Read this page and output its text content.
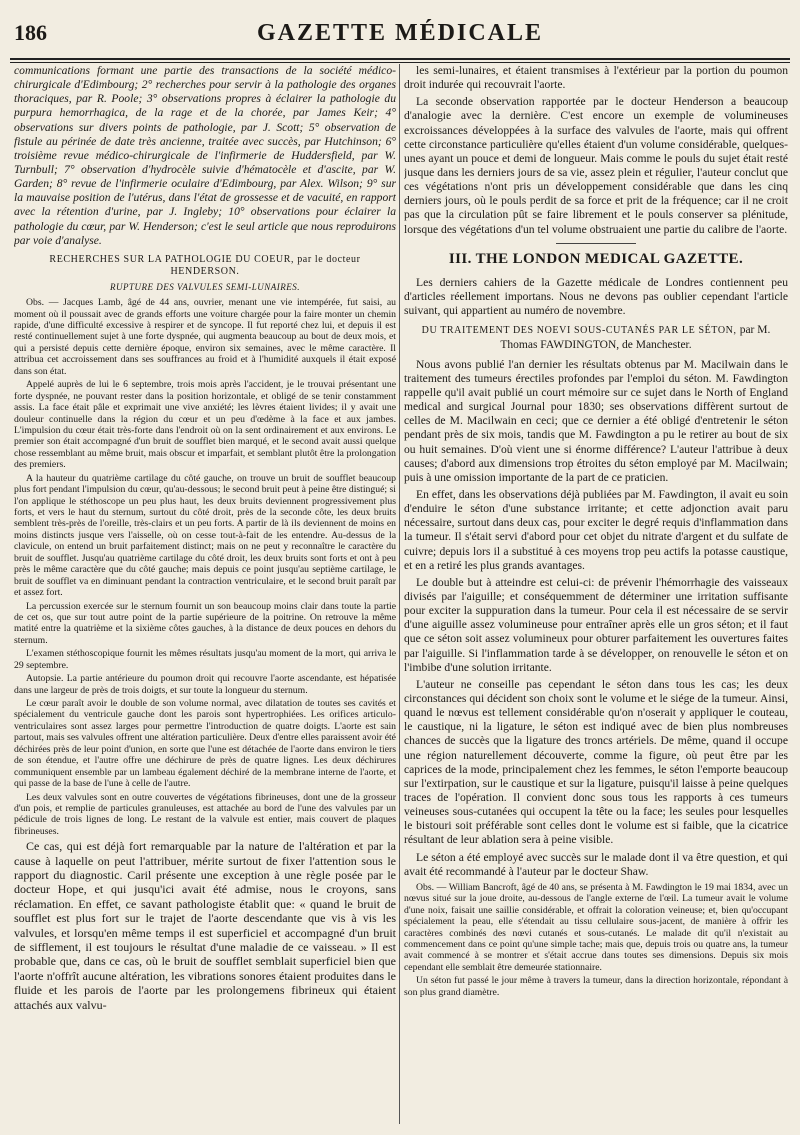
186	GAZETTE MÉDICALE

communications formant une partie des transactions de la société médico-chirurgicale d'Edimbourg; 2° recherches pour servir à la pathologie des organes thoraciques, par R. Poole; 3° observations propres à éclairer la pathologie du purpura hemorrhagica, de la rage et de la chorée, par James Keir; 4° observations sur divers points de pathologie, par J. Scott; 5° observation de fistule au périnée de date très ancienne, traitée avec succès, par Hutchinson; 6° troisième revue médico-chirurgicale de l'infirmerie de Huddersfield, par W. Turnbull; 7° observation d'hydrocèle suivie d'hématocèle et d'ascite, par W. Garden; 8° revue de l'infirmerie oculaire d'Edimbourg, par Alex. Wilson; 9° sur la mauvaise position de l'utérus, dans l'état de grossesse et de vacuité, en rapport avec la rétention d'urine, par J. Ingleby; 10° observations pour éclairer la pathologie du cœur, par W. Henderson; c'est le seul article que nous reproduirons par voie d'analyse.

RECHERCHES SUR LA PATHOLOGIE DU COEUR, par le docteur HENDERSON.
RUPTURE DES VALVULES SEMI-LUNAIRES.

Obs. — Jacques Lamb, âgé de 44 ans, ouvrier, menant une vie intempérée, fut saisi, au moment où il poussait avec de grands efforts une voiture chargée pour la faire monter un chemin rapide, d'une difficulté excessive à respirer et de syncope. Il fut reporté chez lui, et depuis il est resté continuellement sujet à une forte dyspnée, qui augmenta beaucoup au bout de deux mois, et qui a persisté depuis cette dernière époque, environ six semaines, avec le même caractère. Il attribua cet accroissement dans ses souffrances au froid et à l'humidité auxquels il était exposé dans son état.

Appelé auprès de lui le 6 septembre, trois mois après l'accident, je le trouvai présentant une forte dyspnée, ne pouvant rester dans la position horizontale, et obligé de se tenir constamment assis. La face était pâle et exprimait une vive anxiété; les lèvres étaient livides; il y avait une douleur continuelle dans la région du cœur et un peu d'œdème à la face et aux jambes. L'impulsion du cœur était très-forte dans l'endroit où on la sent ordinairement et aux environs. Le premier son était accompagné d'un bruit de soufflet bien marqué, et le second avait aussi quelque chose ressemblant au même bruit, mais obscur et imparfait, et semblant plutôt être la prolongation des premiers.

A la hauteur du quatrième cartilage du côté gauche, on trouve un bruit de soufflet beaucoup plus fort pendant l'impulsion du cœur, qu'au-dessous; le second bruit peut à peine être distingué; si l'on applique le stéthoscope un peu plus haut, les deux bruits deviennent progressivement plus forts, et vers le haut du sternum, surtout du côté droit, près de la seconde côte, les deux bruits semblent très-près de l'oreille, très-clairs et un peu forts. A partir de là ils deviennent de moins en moins distincts jusque vers l'aisselle, où on cesse tout-à-fait de les entendre. Au-dessus de la clavicule, on entend un bruit parfaitement distinct; mais on ne peut y reconnaître le caractère du bruit de soufflet. Jusqu'au quatrième cartilage du côté droit, les deux bruits sont forts et ont à peu près le même caractère que du côté gauche; mais depuis ce point jusqu'au septième cartilage, le bruit de soufflet va en diminuant pendant la contraction ventriculaire, et le second bruit paraît par et assez fort.

La percussion exercée sur le sternum fournit un son beaucoup moins clair dans toute la partie de cet os, que sur tout autre point de la partie supérieure de la poitrine. On retrouve la même matité entre la quatrième et la sixième côtes gauches, à la distance de deux pouces en dehors du sternum.

L'examen stéthoscopique fournit les mêmes résultats jusqu'au moment de la mort, qui arriva le 29 septembre.

Autopsie. La partie antérieure du poumon droit qui recouvre l'aorte ascendante, est hépatisée dans une largeur de près de trois doigts, et sur toute la longueur du sternum.

Le cœur paraît avoir le double de son volume normal, avec dilatation de toutes ses cavités et spécialement du ventricule gauche dont les parois sont hypertrophiées. Les orifices articulo-ventriculaires sont assez larges pour permettre l'introduction de quatre doigts. L'aorte est sain partout, mais ses valvules offrent une altération particulière. Deux d'entre elles paraissent avoir été déchirées près de leur point d'union, en sorte que l'une est détachée de l'aorte dans environ le tiers de son étendue, et l'autre offre une déchirure de près de quatre lignes. Les deux déchirures communiquent ensemble par un lambeau également déchiré de la membrane interne de l'aorte, et qui passe de la base de l'une à celle de l'autre.

Les deux valvules sont en outre couvertes de végétations fibrineuses, dont une de la grosseur d'un pois, et remplie de particules granuleuses, est attachée au bord de l'une des valvules par un pédicule de trois lignes de long. Le restant de la valvule est entier, mais couvert de plaques fibrineuses.

Ce cas, qui est déjà fort remarquable par la nature de l'altération et par la cause à laquelle on peut l'attribuer, mérite surtout de fixer l'attention sous le rapport du diagnostic. Caril présente une exception à une règle posée par le docteur Hope, et qui jusqu'ici avait été admise, nous le croyons, sans réclamation. En effet, ce savant pathologiste établit que: « quand le bruit de soufflet est plus fort sur le trajet de l'aorte descendante que vis à vis les valvules, et lorsqu'en même temps il est superficiel et accompagné d'un bruit de sifflement, il est toujours le résultat d'une maladie de ce vaisseau. » Il est probable que, dans ce cas, où le bruit de soufflet semblait superficiel bien que l'aorte n'offrît aucune altération, les vibrations sonores étaient produites dans le fluide et les parois de l'aorte par les prolongemens fibrineux qui étaient attachés aux valvu-

les semi-lunaires, et étaient transmises à l'extérieur par la portion du poumon droit indurée qui recouvrait l'aorte.

La seconde observation rapportée par le docteur Henderson a beaucoup d'analogie avec la dernière. C'est encore un exemple de volumineuses excroissances développées à la surface des valvules de l'aorte, mais qui offrent cette circonstance particulière qu'elles étaient d'un volume considérable, quelques-unes ayant un pouce et demi de longueur. Mais comme le pouls du sujet était resté jusque dans les derniers jours de sa vie, assez plein et régulier, l'auteur conclut que ces végétations n'ont pris un développement considérable que dans les cinq derniers jours, où le pouls perdit de sa force et prit de la fréquence; car il ne croit pas que la circulation pût se faire librement et le pouls conserver sa plénitude, lorsque des végétations d'un tel volume obstruaient une partie du calibre de l'aorte.

III. THE LONDON MEDICAL GAZETTE.

Les derniers cahiers de la Gazette médicale de Londres contiennent peu d'articles réellement importans. Nous ne devons pas oublier cependant l'article suivant, qui appartient au numéro de novembre.

DU TRAITEMENT DES NOEVI SOUS-CUTANÉS PAR LE SÉTON, par M. Thomas FAWDINGTON, de Manchester.

Nous avons publié l'an dernier les résultats obtenus par M. Macilwain dans le traitement des tumeurs érectiles profondes par l'emploi du séton. M. Fawdington rappelle qu'il avait publié un court mémoire sur ce sujet dans le North of England medical and surgical Journal pour 1830; ses observations diffèrent surtout de celles de M. Macilwain en ceci; que ce dernier a été obligé d'entretenir le séton pendant près de six mois, tandis que M. Fawdington a pu le retirer au bout de six ou huit semaines. D'où vient une si énorme différence? L'auteur l'attribue à deux causes; d'abord aux dimensions trop étroites du séton employé par M. Macilwain; puis à une omission importante de la part de ce praticien.

En effet, dans les observations déjà publiées par M. Fawdington, il avait eu soin d'enduire le séton d'une substance irritante; et cette adjonction avait paru nécessaire, surtout dans deux cas, pour exciter le degré requis d'inflammation dans la tumeur. Il s'était servi d'abord pour cet objet du nitrate d'argent et du sulfate de cuivre; depuis lors il a substitué à ces moyens trop peu actifs la potasse caustique, et en a retiré les plus grands avantages.

Le double but à atteindre est celui-ci: de prévenir l'hémorrhagie des vaisseaux divisés par l'aiguille; et conséquemment de déterminer une irritation suffisante pour exciter la suppuration dans la tumeur. Pour cela il est nécessaire de se servir d'une aiguille assez volumineuse pour entraîner après elle un gros séton; et il faut que ce séton soit assez volumineux pour obturer parfaitement les ouvertures faites par l'aiguille. Si l'inflammation tarde à se développer, on renouvelle le séton et on l'imbibe d'une solution irritante.

L'auteur ne conseille pas cependant le séton dans tous les cas; les deux circonstances qui décident son choix sont le volume et le siége de la tumeur. Ainsi, quand le nœvus est tellement considérable qu'on n'oserait y appliquer le couteau, le caustique, ni la ligature, le séton est indiqué avec de bien plus nombreuses chances de succès que la ligature des troncs artériels. De même, quand il occupe une région naturellement découverte, comme la figure, où peut être par les caprices de la mode, principalement chez les femmes, le séton l'emporte beaucoup sur l'extirpation, sur le caustique et sur la ligature, puisqu'il laisse à peine quelques traces de l'opération. Il convient donc sous tous les rapports à ces tumeurs veineuses sous-cutanées qui occupent la tête ou la face; les seules pour lesquelles le bistouri soit préférable sont celles dont le volume est si faible, que la cicatrice résultant de leur ablation sera à peine visible.

Le séton a été employé avec succès sur le malade dont il va être question, et qui avait été recommandé à l'auteur par le docteur Shaw.

Obs. — William Bancroft, âgé de 40 ans, se présenta à M. Fawdington le 19 mai 1834, avec un nœvus situé sur la joue droite, au-dessous de l'angle externe de l'œil. La tumeur avait le volume d'une noix, faisait une saillie considérable, et offrait la coloration veineuse; et, bien qu'occupant spécialement la peau, elle s'étendait au tissu cellulaire sous-jacent, de manière à offrir les caractères combinés des nœvi cutanés et sous-cutanés. Le malade dit qu'il n'existait au commencement dans ce point qu'une simple tache; mais que, depuis trois ou quatre ans, la tumeur avait commencé à se montrer et s'était accrue dans toutes ses dimensions. Depuis six mois cependant elle semblait être demeurée stationnaire.

Un séton fut passé le jour même à travers la tumeur, dans la direction horizontale, répondant à son plus grand diamètre.
